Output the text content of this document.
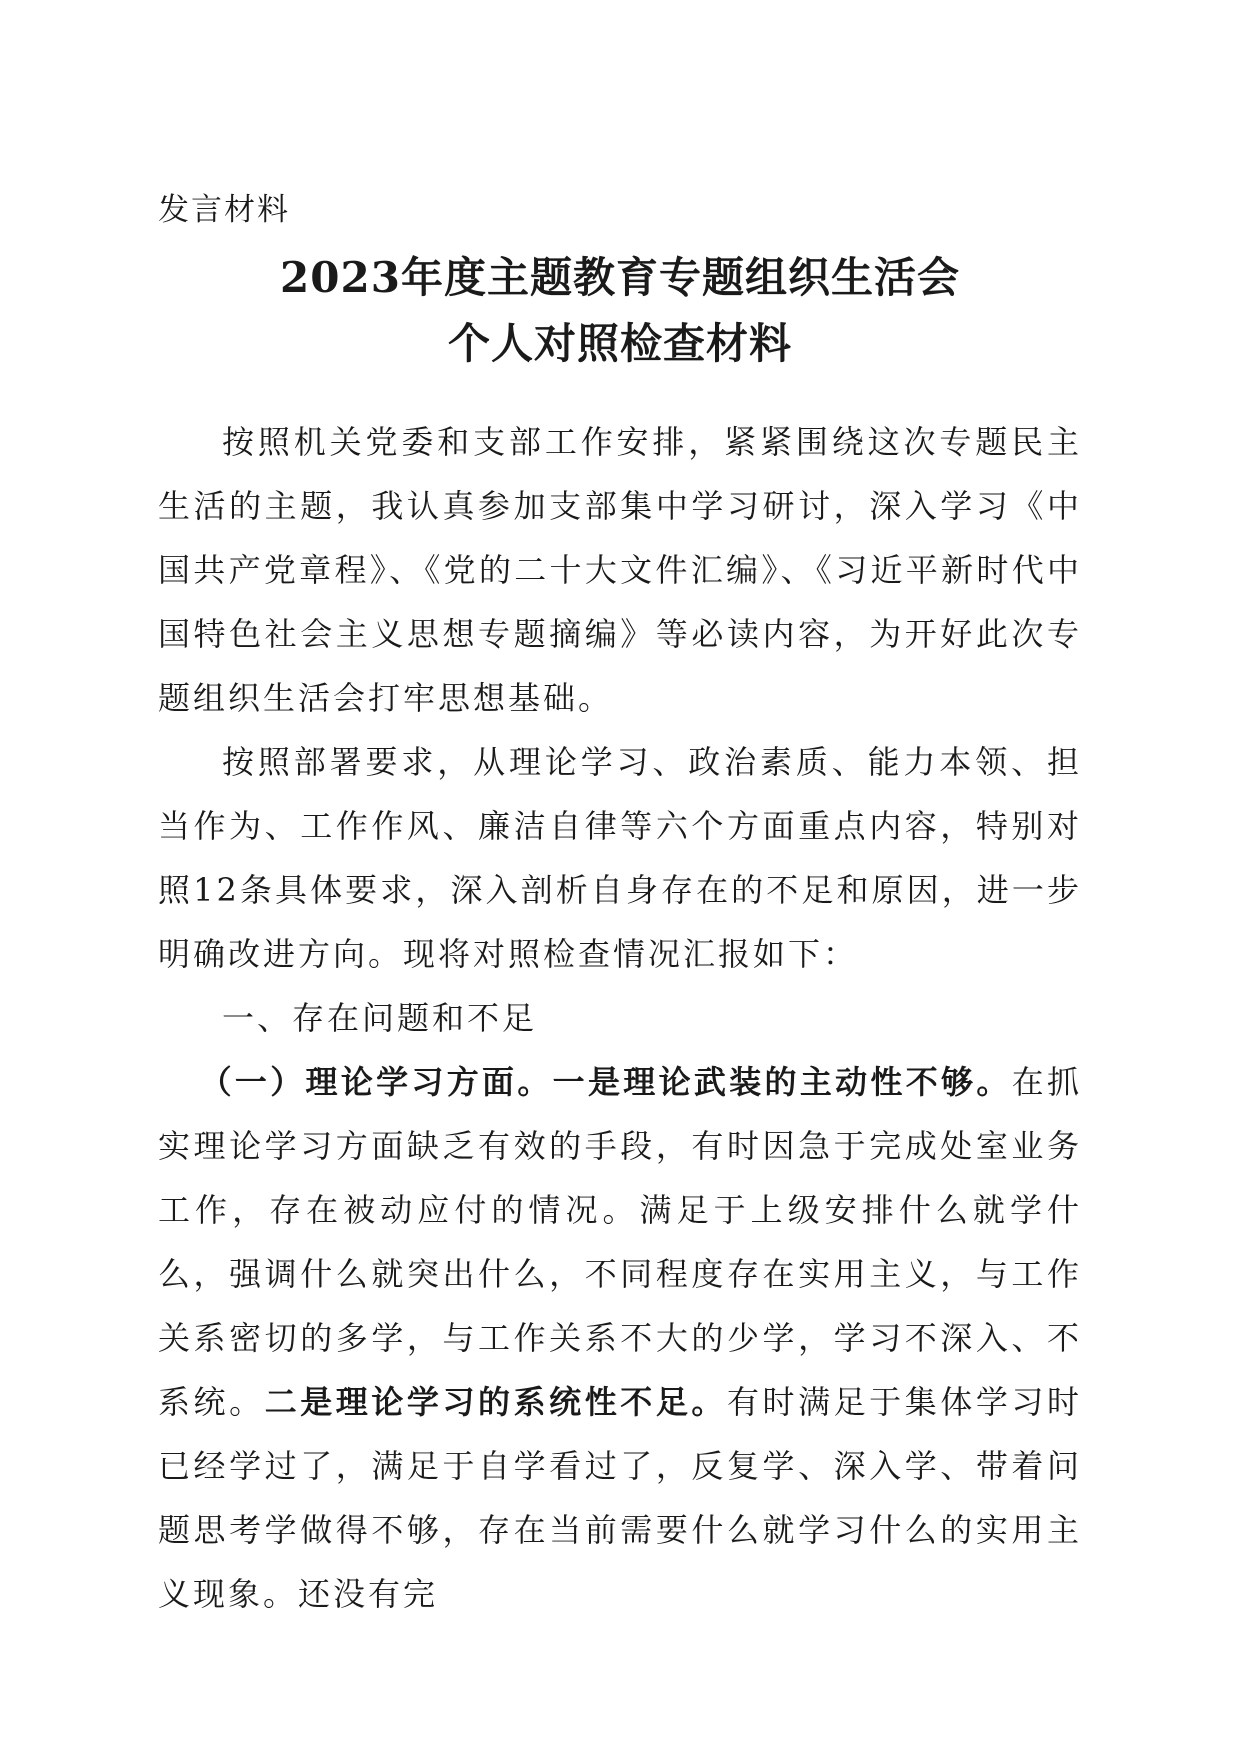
发言材料
2023年度主题教育专题组织生活会
个人对照检查材料

按照机关党委和支部工作安排，紧紧围绕这次专题民主生活的主题，我认真参加支部集中学习研讨，深入学习《中国共产党章程》、《党的二十大文件汇编》、《习近平新时代中国特色社会主义思想专题摘编》等必读内容，为开好此次专题组织生活会打牢思想基础。

按照部署要求，从理论学习、政治素质、能力本领、担当作为、工作作风、廉洁自律等六个方面重点内容，特别对照12条具体要求，深入剖析自身存在的不足和原因，进一步明确改进方向。现将对照检查情况汇报如下：

一、存在问题和不足

（一）理论学习方面。一是理论武装的主动性不够。在抓实理论学习方面缺乏有效的手段，有时因急于完成处室业务工作，存在被动应付的情况。满足于上级安排什么就学什么，强调什么就突出什么，不同程度存在实用主义，与工作关系密切的多学，与工作关系不大的少学，学习不深入、不系统。二是理论学习的系统性不足。有时满足于集体学习时已经学过了，满足于自学看过了，反复学、深入学、带着问题思考学做得不够，存在当前需要什么就学习什么的实用主义现象。还没有完
